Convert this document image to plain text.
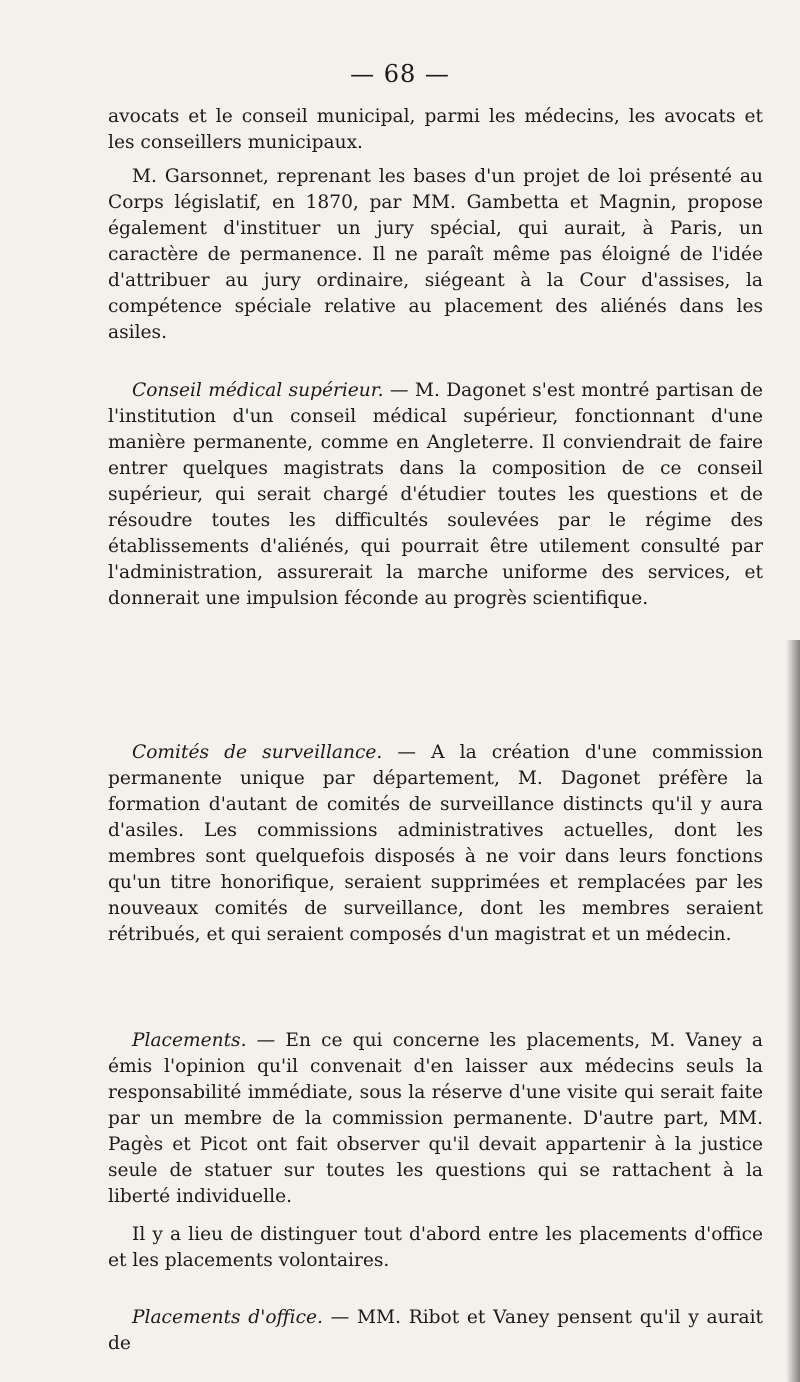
— 68 —

avocats et le conseil municipal, parmi les médecins, les avocats et les conseillers municipaux.

M. Garsonnet, reprenant les bases d'un projet de loi présenté au Corps législatif, en 1870, par MM. Gambetta et Magnin, propose également d'instituer un jury spécial, qui aurait, à Paris, un caractère de permanence. Il ne paraît même pas éloigné de l'idée d'attribuer au jury ordinaire, siégeant à la Cour d'assises, la compétence spéciale relative au placement des aliénés dans les asiles.

Conseil médical supérieur. — M. Dagonet s'est montré partisan de l'institution d'un conseil médical supérieur, fonctionnant d'une manière permanente, comme en Angleterre. Il conviendrait de faire entrer quelques magistrats dans la composition de ce conseil supérieur, qui serait chargé d'étudier toutes les questions et de résoudre toutes les difficultés soulevées par le régime des établissements d'aliénés, qui pourrait être utilement consulté par l'administration, assurerait la marche uniforme des services, et donnerait une impulsion féconde au progrès scientifique.

Comités de surveillance. — A la création d'une commission permanente unique par département, M. Dagonet préfère la formation d'autant de comités de surveillance distincts qu'il y aura d'asiles. Les commissions administratives actuelles, dont les membres sont quelquefois disposés à ne voir dans leurs fonctions qu'un titre honorifique, seraient supprimées et remplacées par les nouveaux comités de surveillance, dont les membres seraient rétribués, et qui seraient composés d'un magistrat et un médecin.

Placements. — En ce qui concerne les placements, M. Vaney a émis l'opinion qu'il convenait d'en laisser aux médecins seuls la responsabilité immédiate, sous la réserve d'une visite qui serait faite par un membre de la commission permanente. D'autre part, MM. Pagès et Picot ont fait observer qu'il devait appartenir à la justice seule de statuer sur toutes les questions qui se rattachent à la liberté individuelle.

Il y a lieu de distinguer tout d'abord entre les placements d'office et les placements volontaires.

Placements d'office. — MM. Ribot et Vaney pensent qu'il y aurait de
